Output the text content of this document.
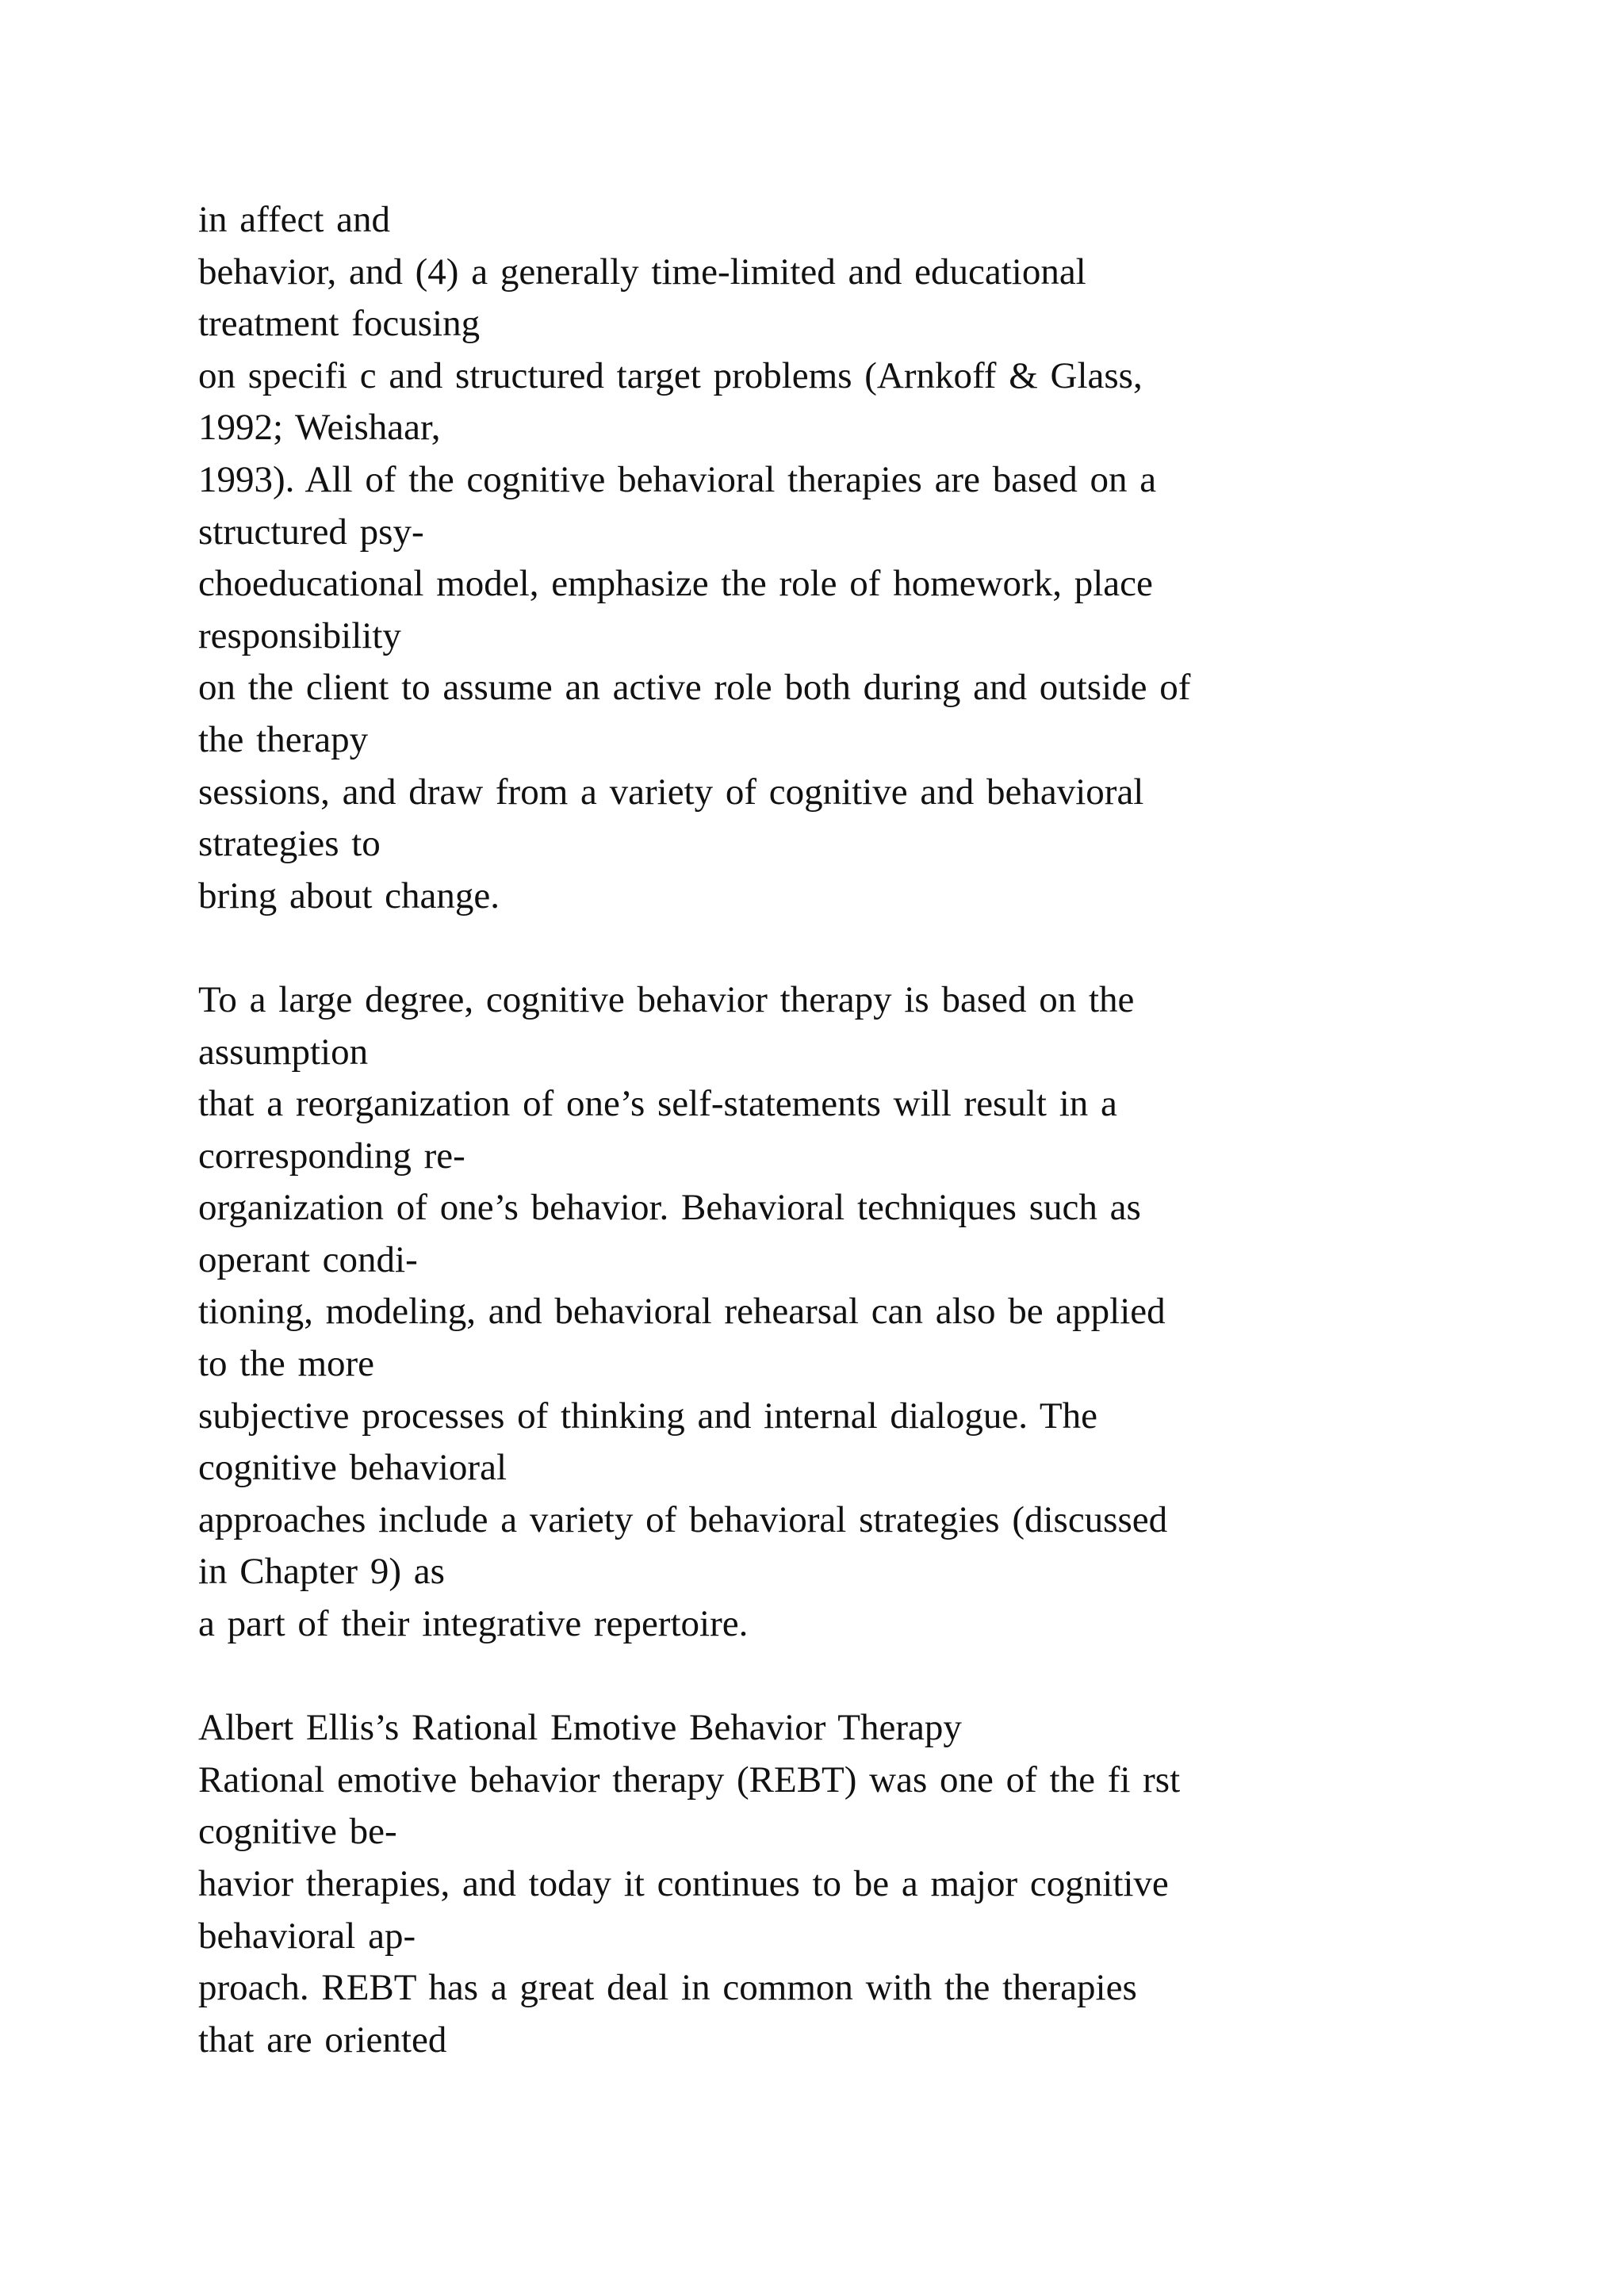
in affect and
behavior, and (4) a generally time-limited and educational
treatment focusing
on specifi c and structured target problems (Arnkoff & Glass,
1992; Weishaar,
1993). All of the cognitive behavioral therapies are based on a
structured psy-
choeducational model, emphasize the role of homework, place
responsibility
on the client to assume an active role both during and outside of
the therapy
sessions, and draw from a variety of cognitive and behavioral
strategies to
bring about change.
To a large degree, cognitive behavior therapy is based on the
assumption
that a reorganization of one’s self-statements will result in a
corresponding re-
organization of one’s behavior. Behavioral techniques such as
operant condi-
tioning, modeling, and behavioral rehearsal can also be applied
to the more
subjective processes of thinking and internal dialogue. The
cognitive behavioral
approaches include a variety of behavioral strategies (discussed
in Chapter 9) as
a part of their integrative repertoire.
Albert Ellis’s Rational Emotive Behavior Therapy
Rational emotive behavior therapy (REBT) was one of the fi rst
cognitive be-
havior therapies, and today it continues to be a major cognitive
behavioral ap-
proach. REBT has a great deal in common with the therapies
that are oriented
